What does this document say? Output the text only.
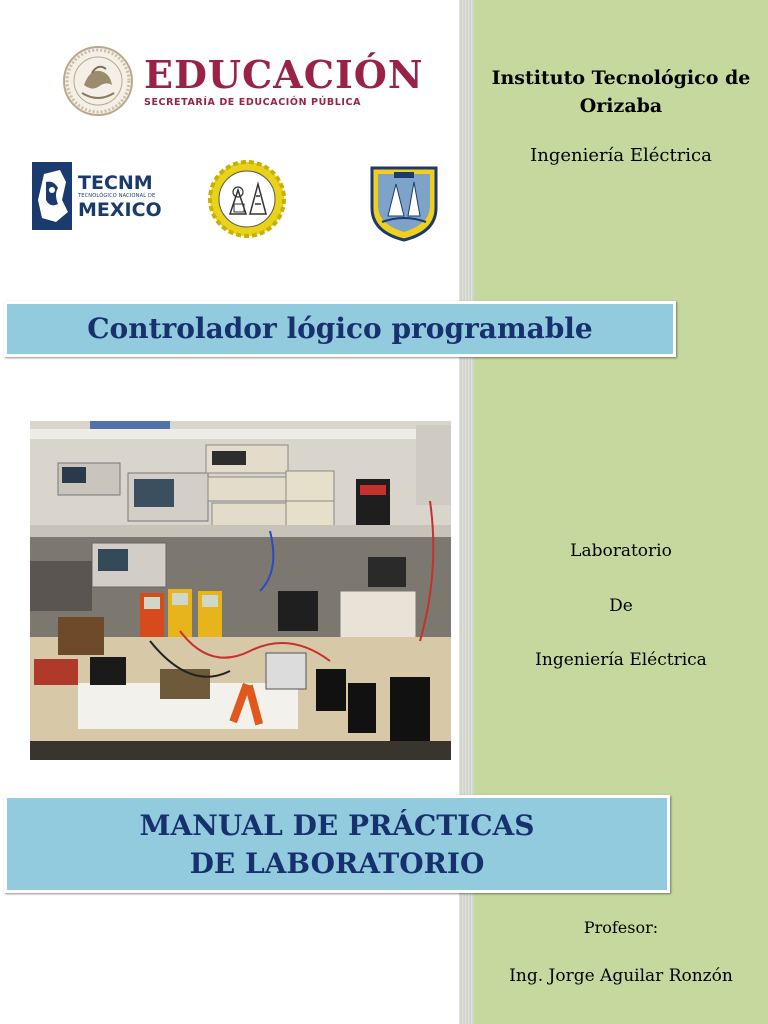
Instituto Tecnológico de Orizaba
Ingeniería Eléctrica
Laboratorio
De
Ingeniería Eléctrica
Profesor:
Ing. Jorge Aguilar Ronzón
EDUCACIÓN
SECRETARÍA DE EDUCACIÓN PÚBLICA
TECNM
TECNOLÓGICO NACIONAL DE
MEXICO
Controlador lógico programable
MANUAL DE PRÁCTICAS
DE LABORATORIO
